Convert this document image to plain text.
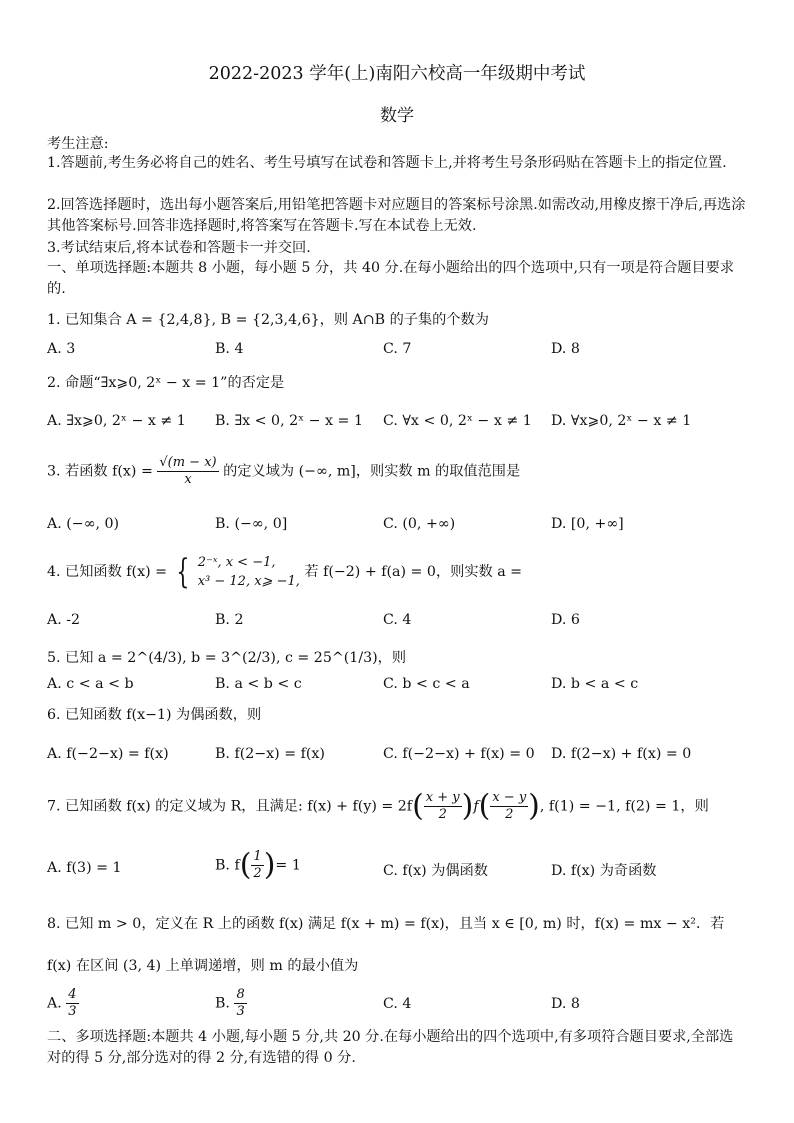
2022-2023 学年(上)南阳六校高一年级期中考试
数学
考生注意:
1.答题前,考生务必将自己的姓名、考生号填写在试卷和答题卡上,并将考生号条形码贴在答题卡上的指定位置.
2.回答选择题时，选出每小题答案后,用铅笔把答题卡对应题目的答案标号涂黑.如需改动,用橡皮擦干净后,再选涂其他答案标号.回答非选择题时,将答案写在答题卡.写在本试卷上无效.
3.考试结束后,将本试卷和答题卡一并交回.
一、单项选择题:本题共 8 小题，每小题 5 分，共 40 分.在每小题给出的四个选项中,只有一项是符合题目要求的.
1. 已知集合 A = {2,4,8}, B = {2,3,4,6}，则 A∩B 的子集的个数为
A. 3	B. 4	C. 7	D. 8
2. 命题“∃x⩾0, 2ˣ − x = 1”的否定是
A. ∃x⩾0, 2ˣ − x ≠ 1 B. ∃x < 0, 2ˣ − x = 1 C. ∀x < 0, 2ˣ − x ≠ 1 D. ∀x⩾0, 2ˣ − x ≠ 1
3. 若函数 $f(x) = \frac{√(m - x)}{x}$ 的定义域为 (−∞, m]，则实数 m 的取值范围是
A. (−∞, 0)	B. (−∞, 0]	C. (0, +∞)	D. [0, +∞]
4. 已知函数 f(x) = { 2⁻ˣ, x < −1,
x³ − 12, x⩾ −1,
若 f(−2) + f(a) = 0，则实数 a =
A. -2	B. 2	C. 4	D. 6
5. 已知 a = 2^(4/3), b = 3^(2/3), c = 25^(1/3)，则
A. c < a < b	B. a < b < c	C. b < c < a	D. b < a < c
6. 已知函数 f(x−1) 为偶函数，则
A. f(−2−x) = f(x)	B. f(2−x) = f(x)	C. f(−2−x) + f(x) = 0 D. f(2−x) + f(x) = 0
7. 已知函数 f(x) 的定义域为 R，且满足: $f(x) + f(y) = 2f( \frac{x + y}{2} )f( \frac{x - y}{2}$ ), f(1) = −1, f(2) = 1，则
A. f(3) = 1	B. $f( \frac{1}{2}$ )= 1	C. f(x) 为偶函数	D. f(x) 为奇函数
8. 已知 m > 0，定义在 R 上的函数 f(x) 满足 f(x + m) = f(x)，且当 x ∈ [0, m) 时，f(x) = mx − x²．若
f(x) 在区间 (3, 4) 上单调递增，则 m 的最小值为
A. $\frac{4}{3}$	B. $\frac{8}{3}$	C. 4	D. 8
二、多项选择题:本题共 4 小题,每小题 5 分,共 20 分.在每小题给出的四个选项中,有多项符合题目要求,全部选对的得 5 分,部分选对的得 2 分,有选错的得 0 分.
